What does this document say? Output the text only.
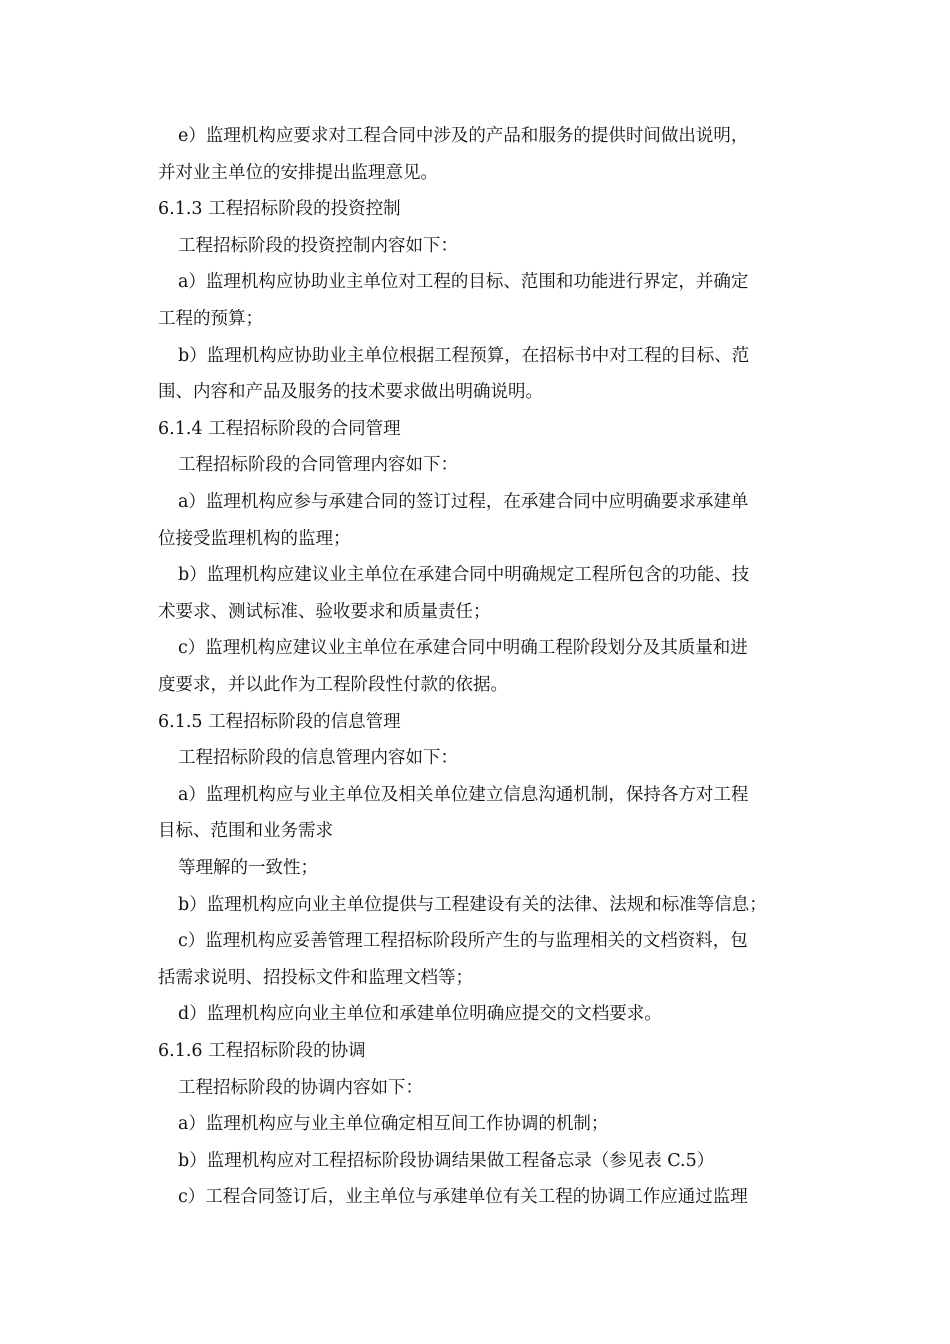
e）监理机构应要求对工程合同中涉及的产品和服务的提供时间做出说明，
并对业主单位的安排提出监理意见。
6.1.3 工程招标阶段的投资控制
工程招标阶段的投资控制内容如下：
a）监理机构应协助业主单位对工程的目标、范围和功能进行界定，并确定
工程的预算；
b）监理机构应协助业主单位根据工程预算，在招标书中对工程的目标、范
围、内容和产品及服务的技术要求做出明确说明。
6.1.4 工程招标阶段的合同管理
工程招标阶段的合同管理内容如下：
a）监理机构应参与承建合同的签订过程，在承建合同中应明确要求承建单
位接受监理机构的监理；
b）监理机构应建议业主单位在承建合同中明确规定工程所包含的功能、技
术要求、测试标准、验收要求和质量责任；
c）监理机构应建议业主单位在承建合同中明确工程阶段划分及其质量和进
度要求，并以此作为工程阶段性付款的依据。
6.1.5 工程招标阶段的信息管理
工程招标阶段的信息管理内容如下：
a）监理机构应与业主单位及相关单位建立信息沟通机制，保持各方对工程
目标、范围和业务需求
等理解的一致性；
b）监理机构应向业主单位提供与工程建设有关的法律、法规和标准等信息；
c）监理机构应妥善管理工程招标阶段所产生的与监理相关的文档资料，包
括需求说明、招投标文件和监理文档等；
d）监理机构应向业主单位和承建单位明确应提交的文档要求。
6.1.6 工程招标阶段的协调
工程招标阶段的协调内容如下：
a）监理机构应与业主单位确定相互间工作协调的机制；
b）监理机构应对工程招标阶段协调结果做工程备忘录（参见表 C.5）
c）工程合同签订后，业主单位与承建单位有关工程的协调工作应通过监理
